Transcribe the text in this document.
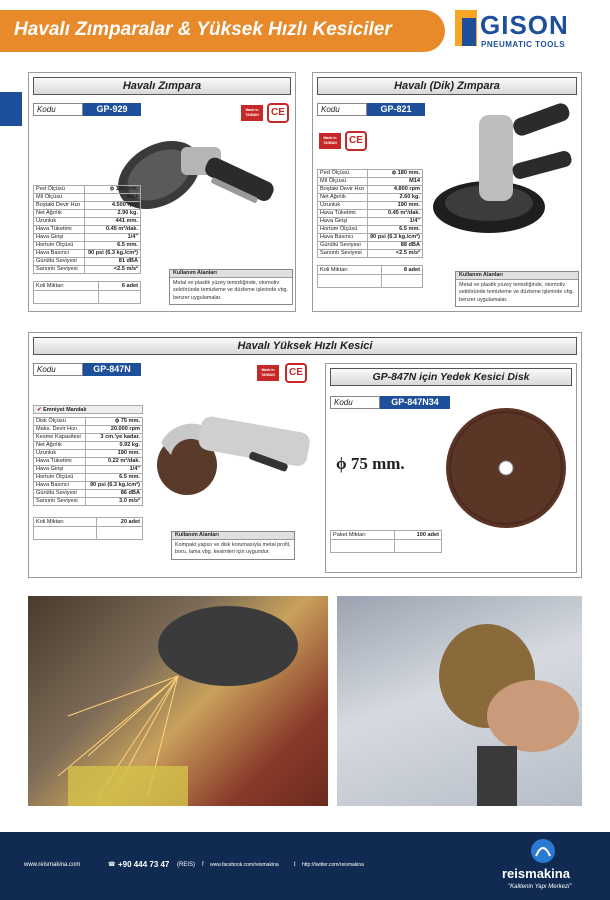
Havalı Zımparalar & Yüksek Hızlı Kesiciler	GISON
PNEUMATIC TOOLS
Havalı Zımpara
Kodu	GP-929	Made in TAIWAN	CE
Ped Ölçüsü	ϕ 180 mm.
Mil Ölçüsü	M14
Boştaki Devir Hızı	4.500 rpm
Net Ağırlık	2.90 kg.
Uzunluk	441 mm.
Hava Tüketimi	0.45 m³/dak.
Hava Girişi	1/4"
Hortum Ölçüsü	6.5 mm.
Hava Basıncı	90 psi (6.3 kg./cm²)
Gürültü Seviyesi	81 dBA
Sarsıntı Seviyesi	<2.5 m/s²
Koli Miktarı	6 adet

Kullanım Alanları
Metal ve plastik yüzey temizliğinde, otomotiv sektöründe temizleme ve düzleme işlerinde vbg. benzer uygulamalar.
Havalı (Dik) Zımpara
Kodu	GP-821
Made in TAIWAN	CE
Ped Ölçüsü	ϕ 180 mm.
Mil Ölçüsü	M14
Boştaki Devir Hızı	4.800 rpm
Net Ağırlık	2.60 kg.
Uzunluk	190 mm.
Hava Tüketimi	0.45 m³/dak.
Hava Girişi	1/4"
Hortum Ölçüsü	6.5 mm.
Hava Basıncı	90 psi (6.3 kg./cm²)
Gürültü Seviyesi	88 dBA
Sarsıntı Seviyesi	<2.5 m/s²
Koli Miktarı	8 adet

Kullanım Alanları
Metal ve plastik yüzey temizliğinde, otomotiv sektöründe temizleme ve düzleme işlerinde vbg. benzer uygulamalar.
Havalı Yüksek Hızlı Kesici
Kodu	GP-847N	Made in TAIWAN	CE
✔ Emniyet Mandalı
Disk Ölçüsü	ϕ 75 mm.
Maks. Devir Hızı	20.000 rpm
Kesme Kapasitesi	3 cm.'ye kadar.
Net Ağırlık	0.92 kg.
Uzunluk	190 mm.
Hava Tüketimi	0.22 m³/dak.
Hava Girişi	1/4"
Hortum Ölçüsü	6.5 mm.
Hava Basıncı	90 psi (6.3 kg./cm²)
Gürültü Seviyesi	86 dBA
Sarsıntı Seviyesi	3.0 m/s²
Koli Miktarı	20 adet

Kullanım Alanları
Kompakt yapısı ve disk korumasıyla metal profil, boru, lama vbg. kesimleri için uygundur.
GP-847N için Yedek Kesici Disk
Kodu	GP-847N34
ϕ 75 mm.
Paket Miktarı	100 adet

www.reismakina.com	☎ +90 444 73 47 (REIS) f www.facebook.com/reismakina	t http://twitter.com/reismakina
reismakina
"Kalitenin Yapı Merkezi"
